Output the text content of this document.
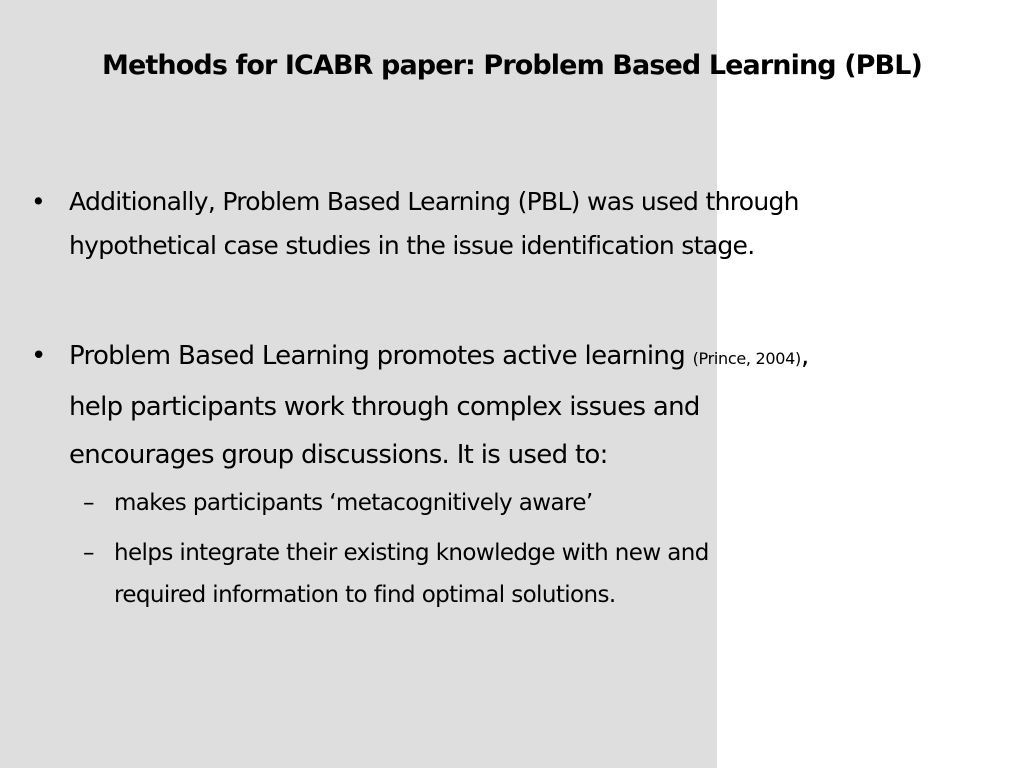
Methods for ICABR paper: Problem Based Learning (PBL)
• Additionally, Problem Based Learning (PBL) was used through
hypothetical case studies in the issue identification stage.
• Problem Based Learning promotes active learning (Prince, 2004),
help participants work through complex issues and
encourages group discussions. It is used to:
– makes participants ‘metacognitively aware’
– helps integrate their existing knowledge with new and
required information to find optimal solutions.
